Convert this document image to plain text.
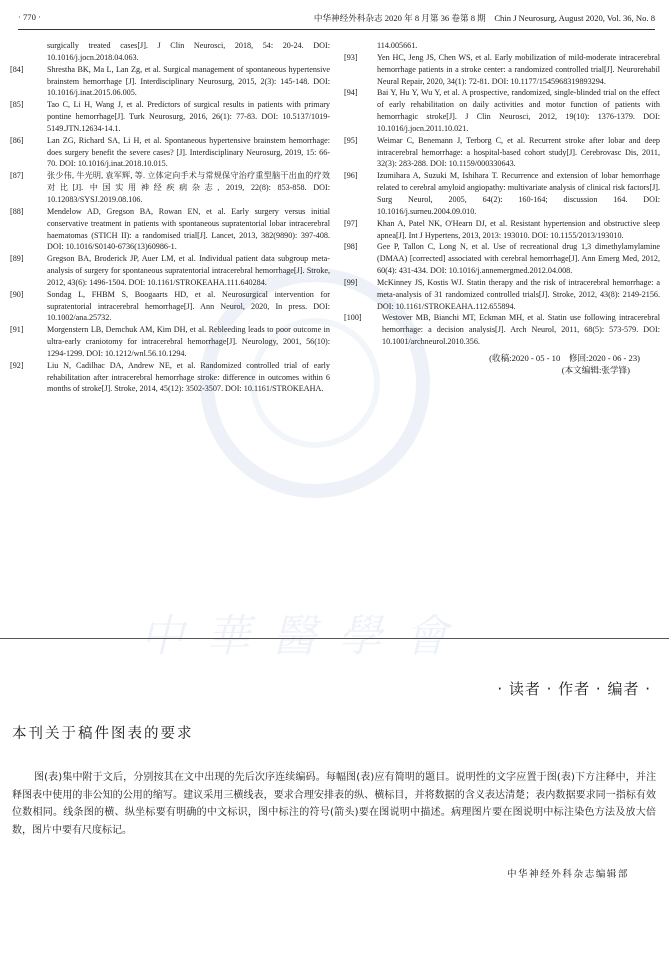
· 770 ·	中华神经外科杂志 2020 年 8 月第 36 卷第 8 期　Chin J Neurosurg, August 2020, Vol. 36, No. 8
surgically treated cases[J]. J Clin Neurosci, 2018, 54: 20-24. DOI: 10.1016/j.jocn.2018.04.063.
[84]	Shrestha BK, Ma L, Lan Zg, et al. Surgical management of spontaneous hypertensive brainstem hemorrhage [J]. Interdisciplinary Neurosurg, 2015, 2(3): 145-148. DOI: 10.1016/j.inat.2015.06.005.
[85]	Tao C, Li H, Wang J, et al. Predictors of surgical results in patients with primary pontine hemorrhage[J]. Turk Neurosurg, 2016, 26(1): 77-83. DOI: 10.5137/1019-5149.JTN.12634-14.1.
[86]	Lan ZG, Richard SA, Li H, et al. Spontaneous hypertensive brainstem hemorrhage: does surgery benefit the severe cases? [J]. Interdisciplinary Neurosurg, 2019, 15: 66-70. DOI: 10.1016/j.inat.2018.10.015.
[87]	张少伟, 牛光明, 袁军辉, 等. 立体定向手术与常规保守治疗重型脑干出血的疗效对比[J]. 中国实用神经疾病杂志, 2019, 22(8): 853-858. DOI: 10.12083/SYSJ.2019.08.106.
[88]	Mendelow AD, Gregson BA, Rowan EN, et al. Early surgery versus initial conservative treatment in patients with spontaneous supratentorial lobar intracerebral haematomas (STICH II): a randomised trial[J]. Lancet, 2013, 382(9890): 397-408. DOI: 10.1016/S0140-6736(13)60986-1.
[89]	Gregson BA, Broderick JP, Auer LM, et al. Individual patient data subgroup meta-analysis of surgery for spontaneous supratentorial intracerebral hemorrhage[J]. Stroke, 2012, 43(6): 1496-1504. DOI: 10.1161/STROKEAHA.111.640284.
[90]	Sondag L, FHBM S, Boogaarts HD, et al. Neurosurgical intervention for supratentorial intracerebral hemorrhage[J]. Ann Neurol, 2020, In press. DOI: 10.1002/ana.25732.
[91]	Morgenstern LB, Demchuk AM, Kim DH, et al. Rebleeding leads to poor outcome in ultra-early craniotomy for intracerebral hemorrhage[J]. Neurology, 2001, 56(10): 1294-1299. DOI: 10.1212/wnl.56.10.1294.
[92]	Liu N, Cadilhac DA, Andrew NE, et al. Randomized controlled trial of early rehabilitation after intracerebral hemorrhage stroke: difference in outcomes within 6 months of stroke[J]. Stroke, 2014, 45(12): 3502-3507. DOI: 10.1161/STROKEAHA.
114.005661.
[93]	Yen HC, Jeng JS, Chen WS, et al. Early mobilization of mild-moderate intracerebral hemorrhage patients in a stroke center: a randomized controlled trial[J]. Neurorehabil Neural Repair, 2020, 34(1): 72-81. DOI: 10.1177/1545968319893294.
[94]	Bai Y, Hu Y, Wu Y, et al. A prospective, randomized, single-blinded trial on the effect of early rehabilitation on daily activities and motor function of patients with hemorrhagic stroke[J]. J Clin Neurosci, 2012, 19(10): 1376-1379. DOI: 10.1016/j.jocn.2011.10.021.
[95]	Weimar C, Benemann J, Terborg C, et al. Recurrent stroke after lobar and deep intracerebral hemorrhage: a hospital-based cohort study[J]. Cerebrovasc Dis, 2011, 32(3): 283-288. DOI: 10.1159/000330643.
[96]	Izumihara A, Suzuki M, Ishihara T. Recurrence and extension of lobar hemorrhage related to cerebral amyloid angiopathy: multivariate analysis of clinical risk factors[J]. Surg Neurol, 2005, 64(2): 160-164; discussion 164. DOI: 10.1016/j.surneu.2004.09.010.
[97]	Khan A, Patel NK, O'Hearn DJ, et al. Resistant hypertension and obstructive sleep apnea[J]. Int J Hypertens, 2013, 2013: 193010. DOI: 10.1155/2013/193010.
[98]	Gee P, Tallon C, Long N, et al. Use of recreational drug 1,3 dimethylamylamine (DMAA) [corrected] associated with cerebral hemorrhage[J]. Ann Emerg Med, 2012, 60(4): 431-434. DOI: 10.1016/j.annemergmed.2012.04.008.
[99]	McKinney JS, Kostis WJ. Statin therapy and the risk of intracerebral hemorrhage: a meta-analysis of 31 randomized controlled trials[J]. Stroke, 2012, 43(8): 2149-2156. DOI: 10.1161/STROKEAHA.112.655894.
[100]	Westover MB, Bianchi MT, Eckman MH, et al. Statin use following intracerebral hemorrhage: a decision analysis[J]. Arch Neurol, 2011, 68(5): 573-579. DOI: 10.1001/archneurol.2010.356.
(收稿:2020 - 05 - 10　修回:2020 - 06 - 23)
(本文编辑:张学锋)
中華醫學會
· 读者 · 作者 · 编者 ·
本刊关于稿件图表的要求
图(表)集中附于文后，分别按其在文中出现的先后次序连续编码。每幅图(表)应有简明的题目。说明性的文字应置于图(表)下方注释中，并注释图表中使用的非公知的公用的缩写。建议采用三横线表，要求合理安排表的纵、横标目，并将数据的含义表达清楚；表内数据要求同一指标有效位数相同。线条图的横、纵坐标要有明确的中文标识，图中标注的符号(箭头)要在图说明中描述。病理图片要在图说明中标注染色方法及放大倍数，图片中要有尺度标记。
中华神经外科杂志编辑部
